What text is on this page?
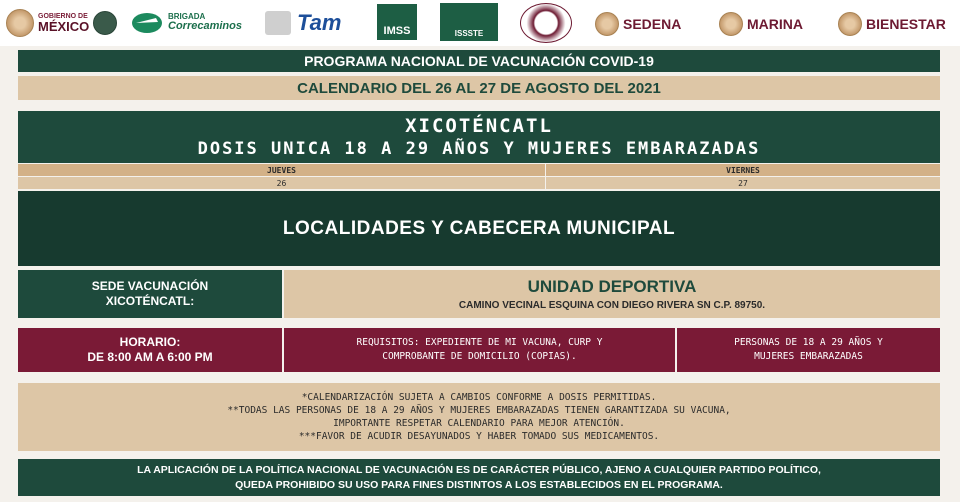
GOBIERNO DE
MÉXICO
BRIGADA
Correcaminos	Tam	IMSS	ISSSTE
SEDENA	MARINA	BIENESTAR
PROGRAMA NACIONAL DE VACUNACIÓN COVID-19
CALENDARIO DEL 26 AL 27 DE AGOSTO DEL 2021
XICOTÉNCATL
DOSIS UNICA 18 A 29 AÑOS Y MUJERES EMBARAZADAS
JUEVES	VIERNES
26	27
LOCALIDADES Y CABECERA MUNICIPAL
SEDE VACUNACIÓN
XICOTÉNCATL:
UNIDAD DEPORTIVA
CAMINO VECINAL ESQUINA CON DIEGO RIVERA SN C.P. 89750.
HORARIO:
DE 8:00 AM A 6:00 PM
REQUISITOS: EXPEDIENTE DE MI VACUNA, CURP Y
COMPROBANTE DE DOMICILIO (COPIAS).
PERSONAS DE 18 A 29 AÑOS Y
MUJERES EMBARAZADAS
*CALENDARIZACIÓN SUJETA A CAMBIOS CONFORME A DOSIS PERMITIDAS.
**TODAS LAS PERSONAS DE 18 A 29 AÑOS Y MUJERES EMBARAZADAS TIENEN GARANTIZADA SU VACUNA,
IMPORTANTE RESPETAR CALENDARIO PARA MEJOR ATENCIÓN.
***FAVOR DE ACUDIR DESAYUNADOS Y HABER TOMADO SUS MEDICAMENTOS.
LA APLICACIÓN DE LA POLÍTICA NACIONAL DE VACUNACIÓN ES DE CARÁCTER PÚBLICO, AJENO A CUALQUIER PARTIDO POLÍTICO,
QUEDA PROHIBIDO SU USO PARA FINES DISTINTOS A LOS ESTABLECIDOS EN EL PROGRAMA.
